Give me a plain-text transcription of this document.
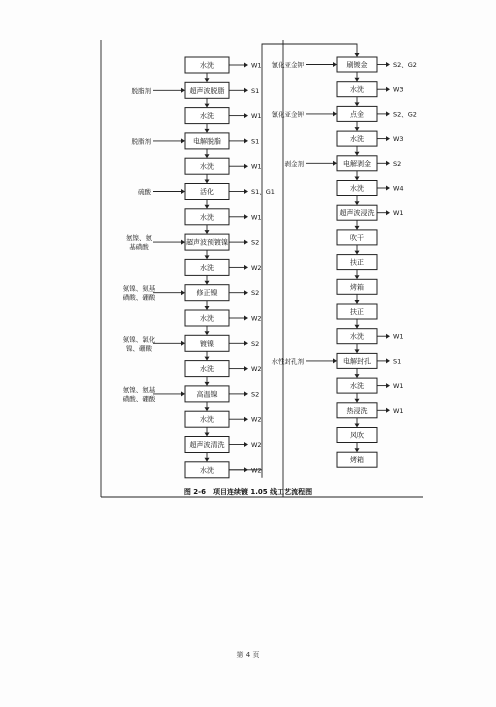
水洗	W1
超声波脱脂	S1
脱脂剂
水洗	W1
电解脱脂	S1
脱脂剂
水洗	W1
活化	S1、G1
硫酸
水洗	W1
超声波预镀镍	S2
氨镍、氨
基磺酸
水洗	W2
修正镍	S2
氨镍、氨基
磺酸、硼酸
水洗	W2
镀镍	S2
氨镍、氯化
镍、硼酸
水洗	W2
高温镍	S2
氨镍、氨基
磺酸、硼酸
水洗	W2
超声波清洗	W2
水洗	W2
刷镀金	S2、G2
氰化亚金钾
水洗	W3
点金	S2、G2
氰化亚金钾
水洗	W3
电解剥金	S2
剥金剂
水洗	W4
超声波浸洗	W1
吹干
扶正
烤箱
扶正
水洗	W1
电解封孔	S1
水性封孔剂
水洗	W1
热浸洗	W1
风吹
烤箱
图 2-6　项目连续镀 1.05 线工艺流程图
第 4 页
